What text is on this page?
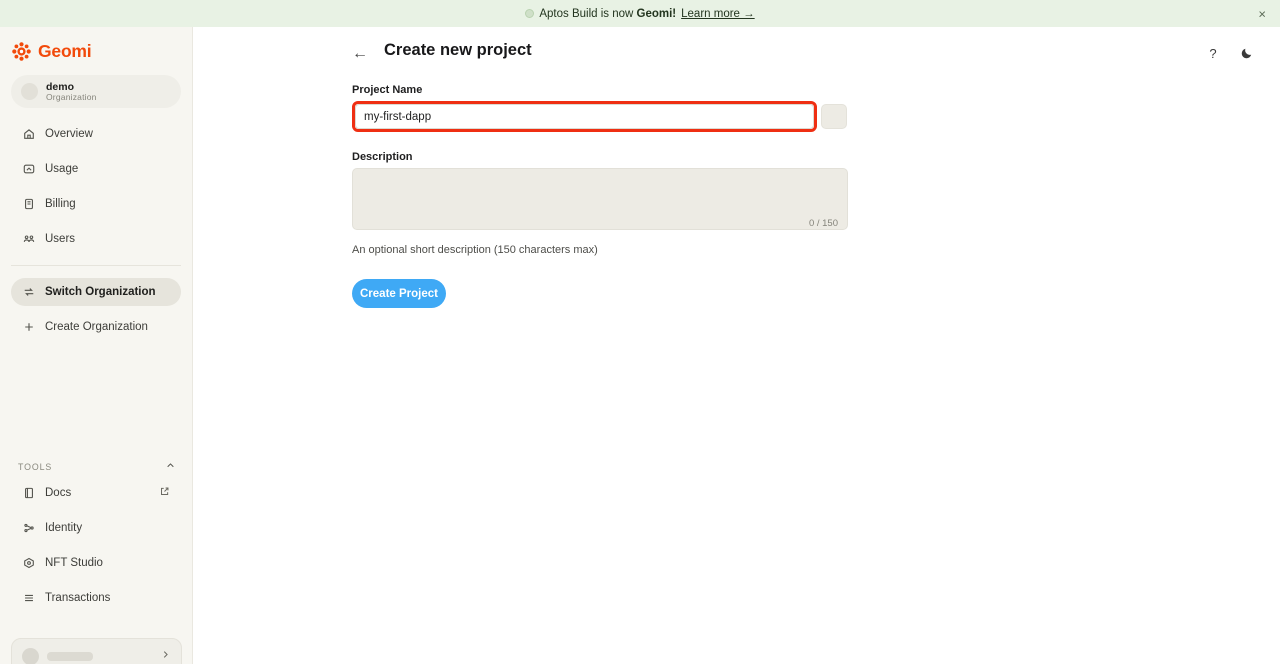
Aptos Build is now Geomi! Learn more →	×
Geomi
demo
Organization
Overview
Usage
Billing
Users
Switch Organization
Create Organization
TOOLS
Docs
Identity
NFT Studio
Transactions
← Create new project	?
Project Name
my-first-dapp
Description
0 / 150
An optional short description (150 characters max)
Create Project
